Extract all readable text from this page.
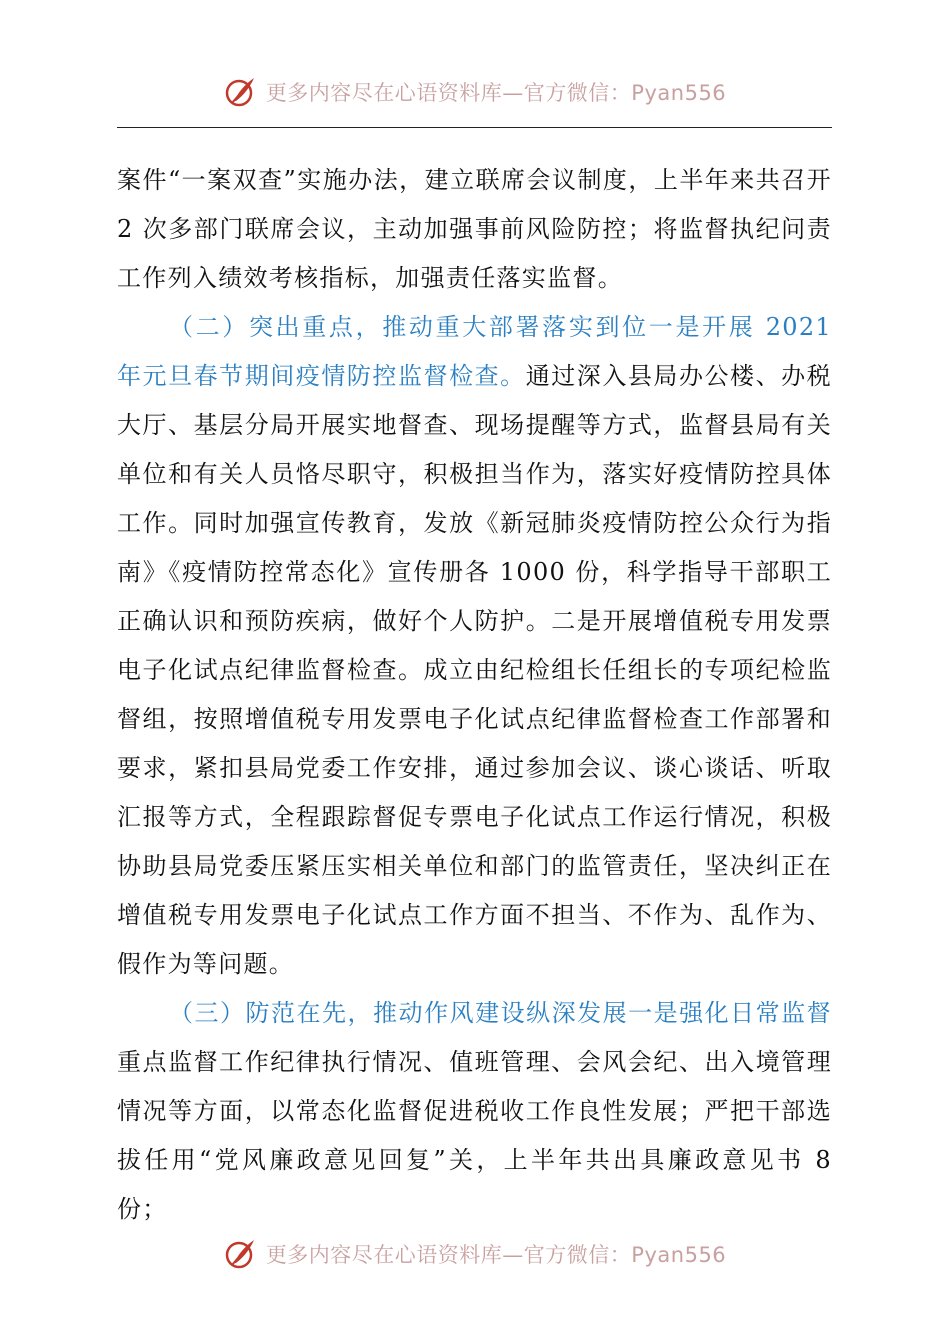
更多内容尽在心语资料库—官方微信：Pyan556

案件“一案双查”实施办法，建立联席会议制度，上半年来共召开 2 次多部门联席会议，主动加强事前风险防控；将监督执纪问责工作列入绩效考核指标，加强责任落实监督。

（二）突出重点，推动重大部署落实到位一是开展 2021 年元旦春节期间疫情防控监督检查。通过深入县局办公楼、办税大厅、基层分局开展实地督查、现场提醒等方式，监督县局有关单位和有关人员恪尽职守，积极担当作为，落实好疫情防控具体工作。同时加强宣传教育，发放《新冠肺炎疫情防控公众行为指南》《疫情防控常态化》宣传册各 1000 份，科学指导干部职工正确认识和预防疾病，做好个人防护。二是开展增值税专用发票电子化试点纪律监督检查。成立由纪检组长任组长的专项纪检监督组，按照增值税专用发票电子化试点纪律监督检查工作部署和要求，紧扣县局党委工作安排，通过参加会议、谈心谈话、听取汇报等方式，全程跟踪督促专票电子化试点工作运行情况，积极协助县局党委压紧压实相关单位和部门的监管责任，坚决纠正在增值税专用发票电子化试点工作方面不担当、不作为、乱作为、假作为等问题。

（三）防范在先，推动作风建设纵深发展一是强化日常监督重点监督工作纪律执行情况、值班管理、会风会纪、出入境管理情况等方面，以常态化监督促进税收工作良性发展；严把干部选拔任用“党风廉政意见回复”关，上半年共出具廉政意见书 8 份；

更多内容尽在心语资料库—官方微信：Pyan556
